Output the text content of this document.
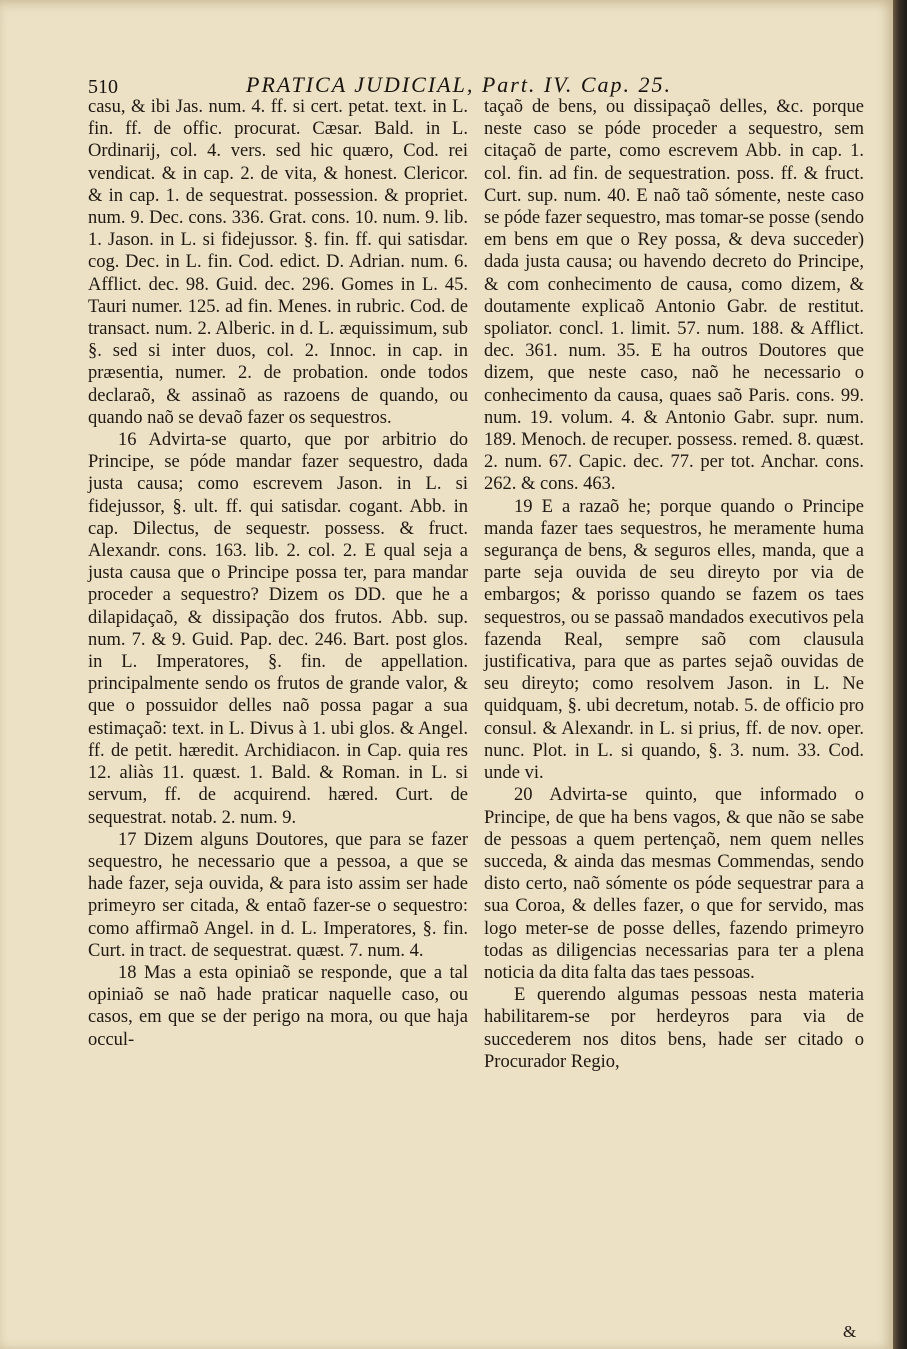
510	PRATICA JUDICIAL, Part. IV. Cap. 25.

casu, & ibi Jas. num. 4. ff. si cert. petat. text. in L. fin. ff. de offic. procurat. Cæsar. Bald. in L. Ordinarij, col. 4. vers. sed hic quæro, Cod. rei vendicat. & in cap. 2. de vita, & honest. Clericor. & in cap. 1. de sequestrat. possession. & propriet. num. 9. Dec. cons. 336. Grat. cons. 10. num. 9. lib. 1. Jason. in L. si fidejussor. §. fin. ff. qui satisdar. cog. Dec. in L. fin. Cod. edict. D. Adrian. num. 6. Afflict. dec. 98. Guid. dec. 296. Gomes in L. 45. Tauri numer. 125. ad fin. Menes. in rubric. Cod. de transact. num. 2. Alberic. in d. L. æquissimum, sub §. sed si inter duos, col. 2. Innoc. in cap. in præsentia, numer. 2. de probation. onde todos declaraõ, & assinaõ as razoens de quando, ou quando naõ se devaõ fazer os sequestros.

16 Advirta-se quarto, que por arbitrio do Principe, se póde mandar fazer sequestro, dada justa causa; como escrevem Jason. in L. si fidejussor, §. ult. ff. qui satisdar. cogant. Abb. in cap. Dilectus, de sequestr. possess. & fruct. Alexandr. cons. 163. lib. 2. col. 2. E qual seja a justa causa que o Principe possa ter, para mandar proceder a sequestro? Dizem os DD. que he a dilapidaçaõ, & dissipação dos frutos. Abb. sup. num. 7. & 9. Guid. Pap. dec. 246. Bart. post glos. in L. Imperatores, §. fin. de appellation. principalmente sendo os frutos de grande valor, & que o possuidor delles naõ possa pagar a sua estimaçaõ: text. in L. Divus à 1. ubi glos. & Angel. ff. de petit. hæredit. Archidiacon. in Cap. quia res 12. aliàs 11. quæst. 1. Bald. & Roman. in L. si servum, ff. de acquirend. hæred. Curt. de sequestrat. notab. 2. num. 9.

17 Dizem alguns Doutores, que para se fazer sequestro, he necessario que a pessoa, a que se hade fazer, seja ouvida, & para isto assim ser hade primeyro ser citada, & entaõ fazer-se o sequestro: como affirmaõ Angel. in d. L. Imperatores, §. fin. Curt. in tract. de sequestrat. quæst. 7. num. 4.

18 Mas a esta opiniaõ se responde, que a tal opiniaõ se naõ hade praticar naquelle caso, ou casos, em que se der perigo na mora, ou que haja occul-

taçaõ de bens, ou dissipaçaõ delles, &c. porque neste caso se póde proceder a sequestro, sem citaçaõ de parte, como escrevem Abb. in cap. 1. col. fin. ad fin. de sequestration. poss. ff. & fruct. Curt. sup. num. 40. E naõ taõ sómente, neste caso se póde fazer sequestro, mas tomar-se posse (sendo em bens em que o Rey possa, & deva succeder) dada justa causa; ou havendo decreto do Principe, & com conhecimento de causa, como dizem, & doutamente explicaõ Antonio Gabr. de restitut. spoliator. concl. 1. limit. 57. num. 188. & Afflict. dec. 361. num. 35. E ha outros Doutores que dizem, que neste caso, naõ he necessario o conhecimento da causa, quaes saõ Paris. cons. 99. num. 19. volum. 4. & Antonio Gabr. supr. num. 189. Menoch. de recuper. possess. remed. 8. quæst. 2. num. 67. Capic. dec. 77. per tot. Anchar. cons. 262. & cons. 463.

19 E a razaõ he; porque quando o Principe manda fazer taes sequestros, he meramente huma segurança de bens, & seguros elles, manda, que a parte seja ouvida de seu direyto por via de embargos; & porisso quando se fazem os taes sequestros, ou se passaõ mandados executivos pela fazenda Real, sempre saõ com clausula justificativa, para que as partes sejaõ ouvidas de seu direyto; como resolvem Jason. in L. Ne quidquam, §. ubi decretum, notab. 5. de officio pro consul. & Alexandr. in L. si prius, ff. de nov. oper. nunc. Plot. in L. si quando, §. 3. num. 33. Cod. unde vi.

20 Advirta-se quinto, que informado o Principe, de que ha bens vagos, & que não se sabe de pessoas a quem pertençaõ, nem quem nelles succeda, & ainda das mesmas Commendas, sendo disto certo, naõ sómente os póde sequestrar para a sua Coroa, & delles fazer, o que for servido, mas logo meter-se de posse delles, fazendo primeyro todas as diligencias necessarias para ter a plena noticia da dita falta das taes pessoas.

E querendo algumas pessoas nesta materia habilitarem-se por herdeyros para via de succederem nos ditos bens, hade ser citado o Procurador Regio,

&
